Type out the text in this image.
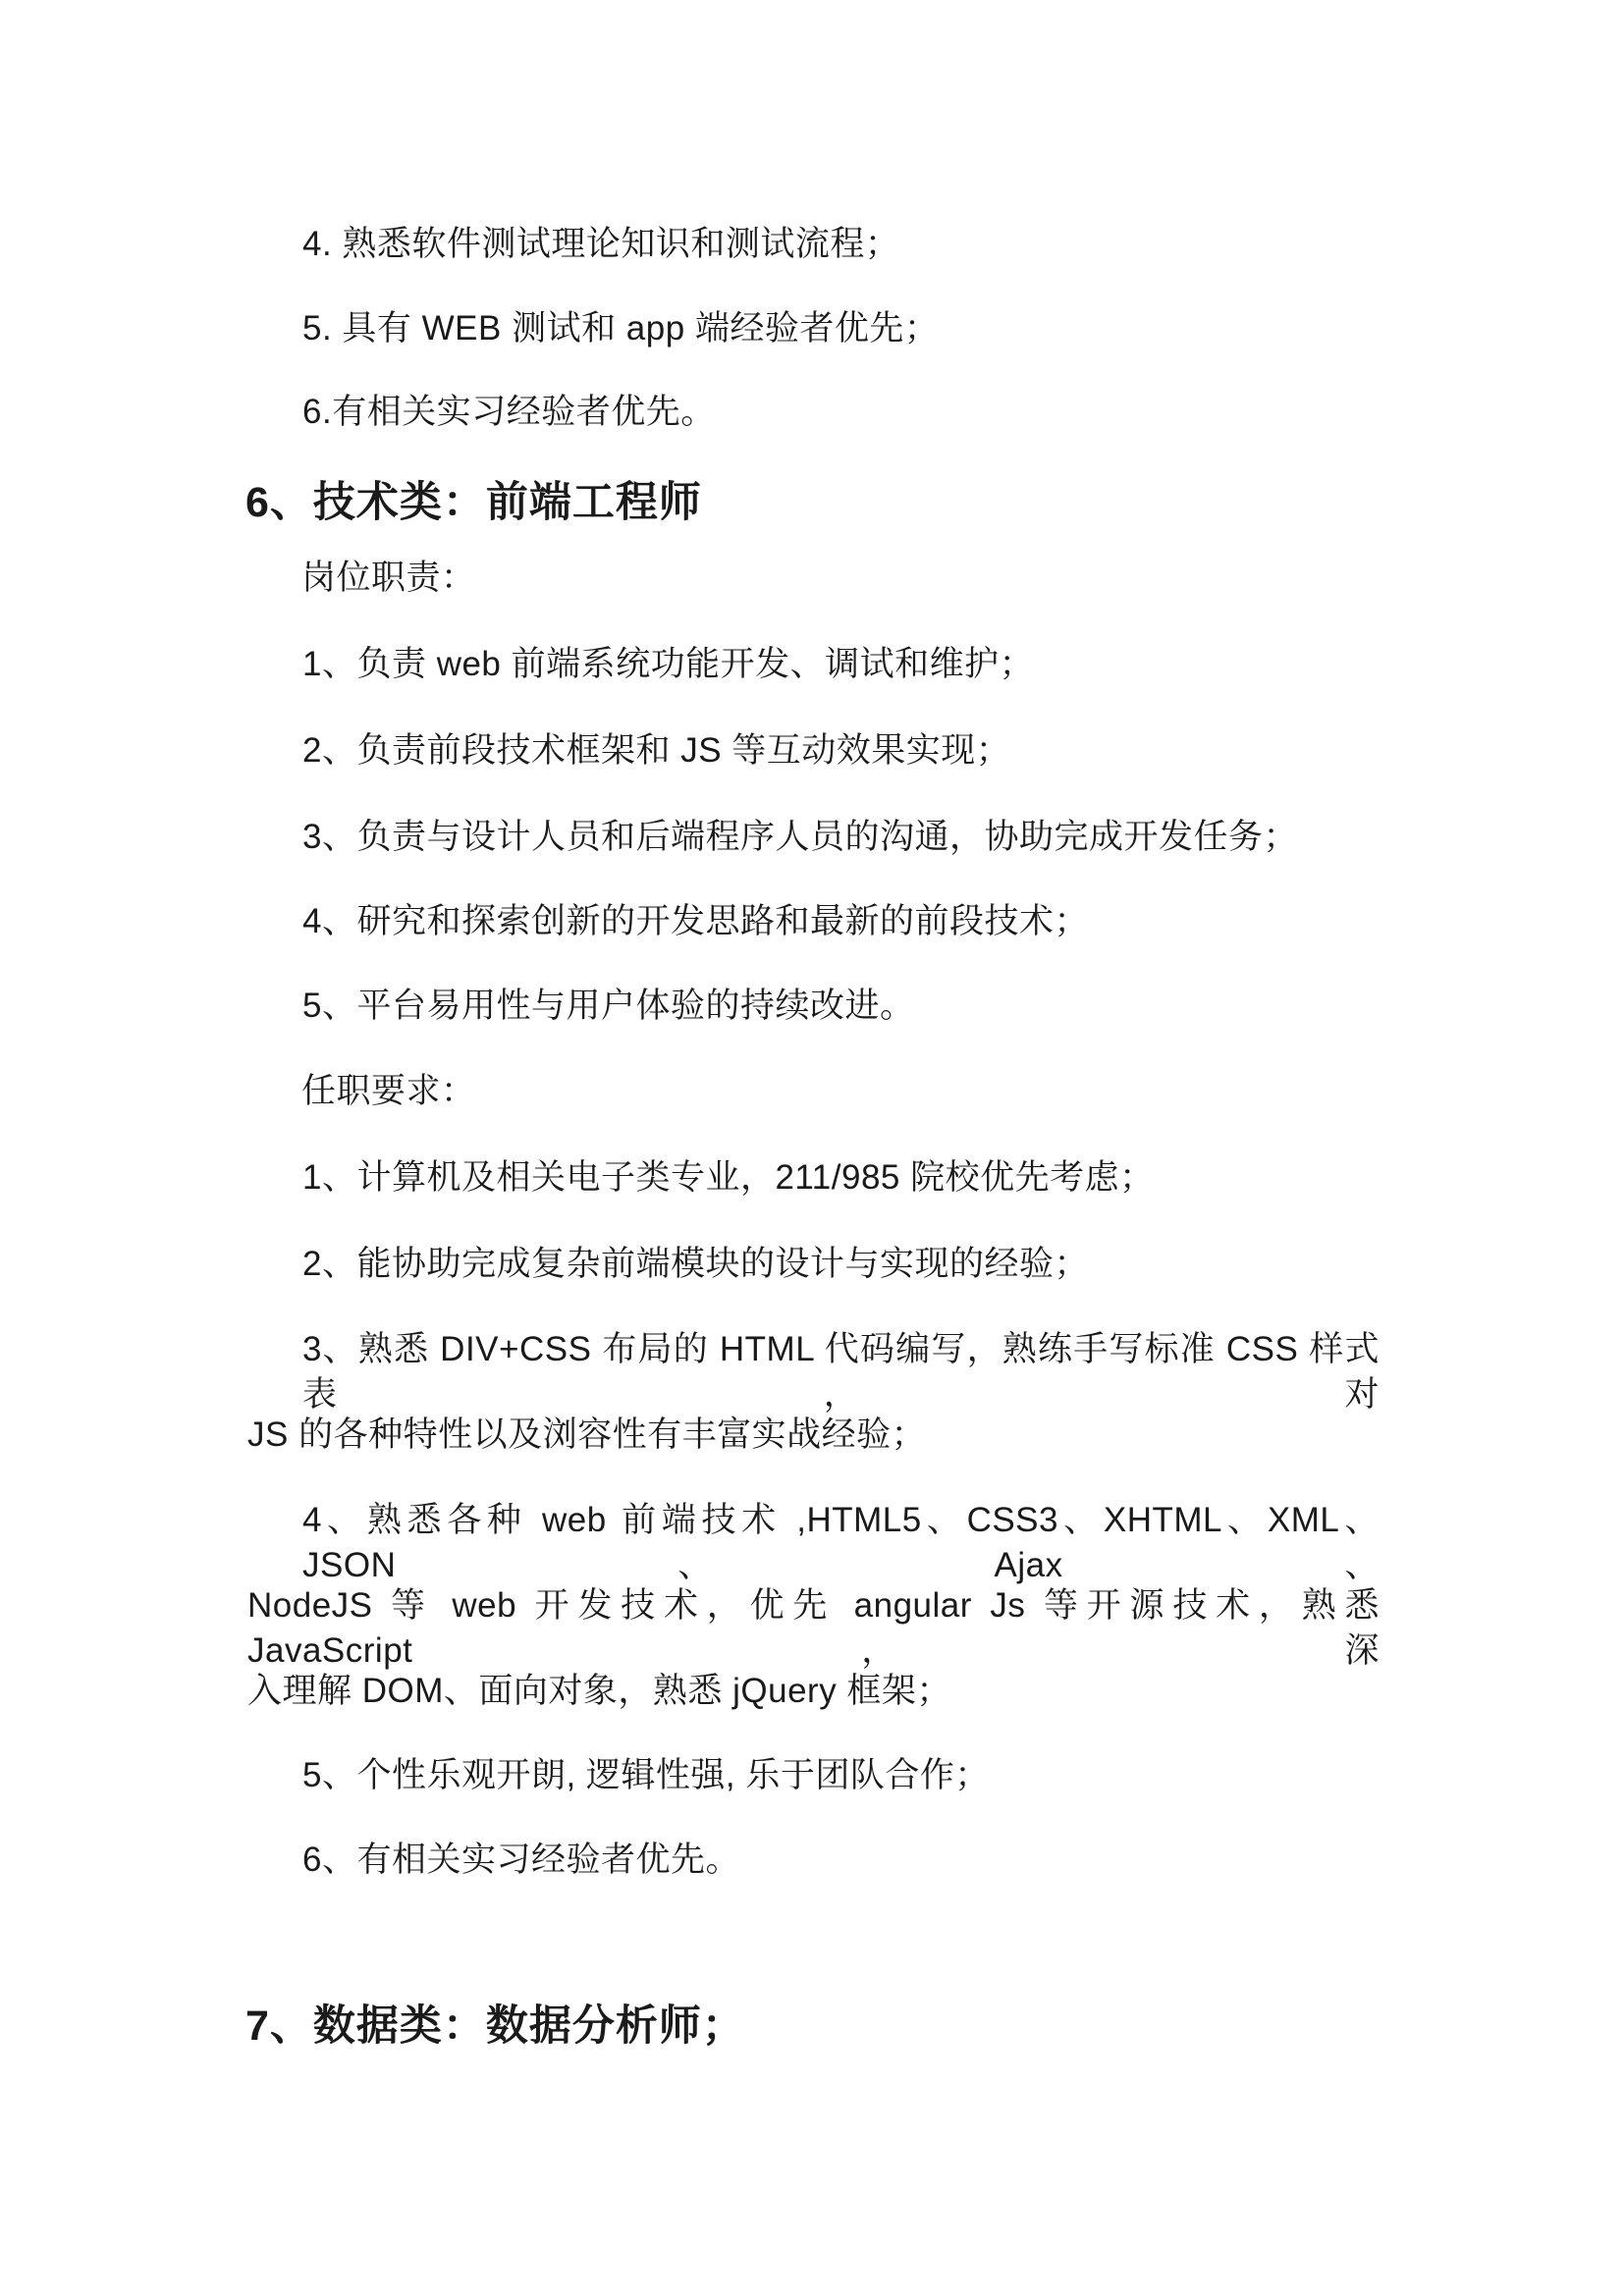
4. 熟悉软件测试理论知识和测试流程；
5. 具有 WEB 测试和 app 端经验者优先；
6.有相关实习经验者优先。
6、技术类：前端工程师
岗位职责：
1、负责 web 前端系统功能开发、调试和维护；
2、负责前段技术框架和 JS 等互动效果实现；
3、负责与设计人员和后端程序人员的沟通，协助完成开发任务；
4、研究和探索创新的开发思路和最新的前段技术；
5、平台易用性与用户体验的持续改进。
任职要求：
1、计算机及相关电子类专业，211/985 院校优先考虑；
2、能协助完成复杂前端模块的设计与实现的经验；
3、熟悉 DIV+CSS 布局的 HTML 代码编写，熟练手写标准 CSS 样式表，对
JS 的各种特性以及浏容性有丰富实战经验；
4、熟悉各种 web 前端技术 ,HTML5、CSS3、XHTML、XML、JSON、Ajax、
NodeJS 等 web 开发技术，优先 angular Js 等开源技术，熟悉 JavaScript，深
入理解 DOM、面向对象，熟悉 jQuery 框架；
5、个性乐观开朗, 逻辑性强, 乐于团队合作；
6、有相关实习经验者优先。
7、数据类：数据分析师；
